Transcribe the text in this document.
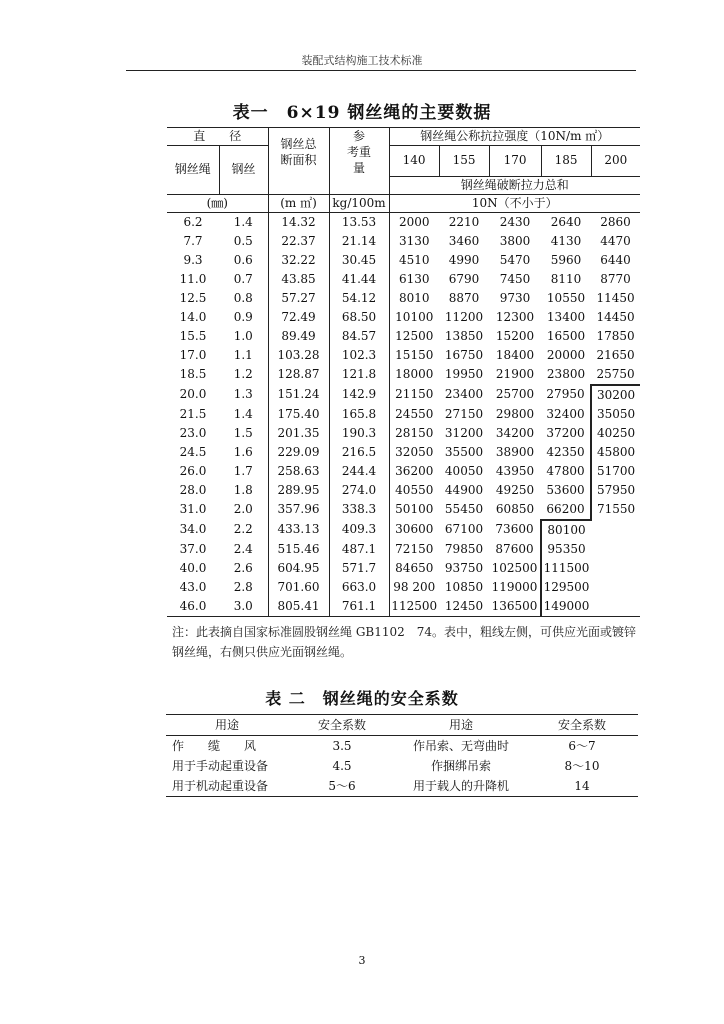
装配式结构施工技术标准
表一　6×19 钢丝绳的主要数据
直　　径		钢丝总断面积	参　考重　量	钢丝绳公称抗拉强度（10N/m ㎡）				
钢丝绳	钢丝			140	155	170	185	200
				钢丝绳破断拉力总和				
(㎜)		(m ㎡)	kg/100m	10N（不小于）				
6.2	1.4	14.32	13.53	2000	2210	2430	2640	2860
7.7	0.5	22.37	21.14	3130	3460	3800	4130	4470
9.3	0.6	32.22	30.45	4510	4990	5470	5960	6440
11.0	0.7	43.85	41.44	6130	6790	7450	8110	8770
12.5	0.8	57.27	54.12	8010	8870	9730	10550	11450
14.0	0.9	72.49	68.50	10100	11200	12300	13400	14450
15.5	1.0	89.49	84.57	12500	13850	15200	16500	17850
17.0	1.1	103.28	102.3	15150	16750	18400	20000	21650
18.5	1.2	128.87	121.8	18000	19950	21900	23800	25750
20.0	1.3	151.24	142.9	21150	23400	25700	27950	30200
21.5	1.4	175.40	165.8	24550	27150	29800	32400	35050
23.0	1.5	201.35	190.3	28150	31200	34200	37200	40250
24.5	1.6	229.09	216.5	32050	35500	38900	42350	45800
26.0	1.7	258.63	244.4	36200	40050	43950	47800	51700
28.0	1.8	289.95	274.0	40550	44900	49250	53600	57950
31.0	2.0	357.96	338.3	50100	55450	60850	66200	71550
34.0	2.2	433.13	409.3	30600	67100	73600	80100	
37.0	2.4	515.46	487.1	72150	79850	87600	95350	
40.0	2.6	604.95	571.7	84650	93750	102500	111500	
43.0	2.8	701.60	663.0	98 200	10850	119000	129500	
46.0	3.0	805.41	761.1	112500	12450	136500	149000	
注：此表摘自国家标准圆股钢丝绳 GB1102　74。表中，粗线左侧，可供应光面或镀锌钢丝绳，右侧只供应光面钢丝绳。
表 二　钢丝绳的安全系数
用途	安全系数	用途	安全系数
作　　缆　　风	3.5	作吊索、无弯曲时	6～7
用于手动起重设备	4.5	作捆绑吊索	8～10
用于机动起重设备	5～6	用于载人的升降机	14
3
